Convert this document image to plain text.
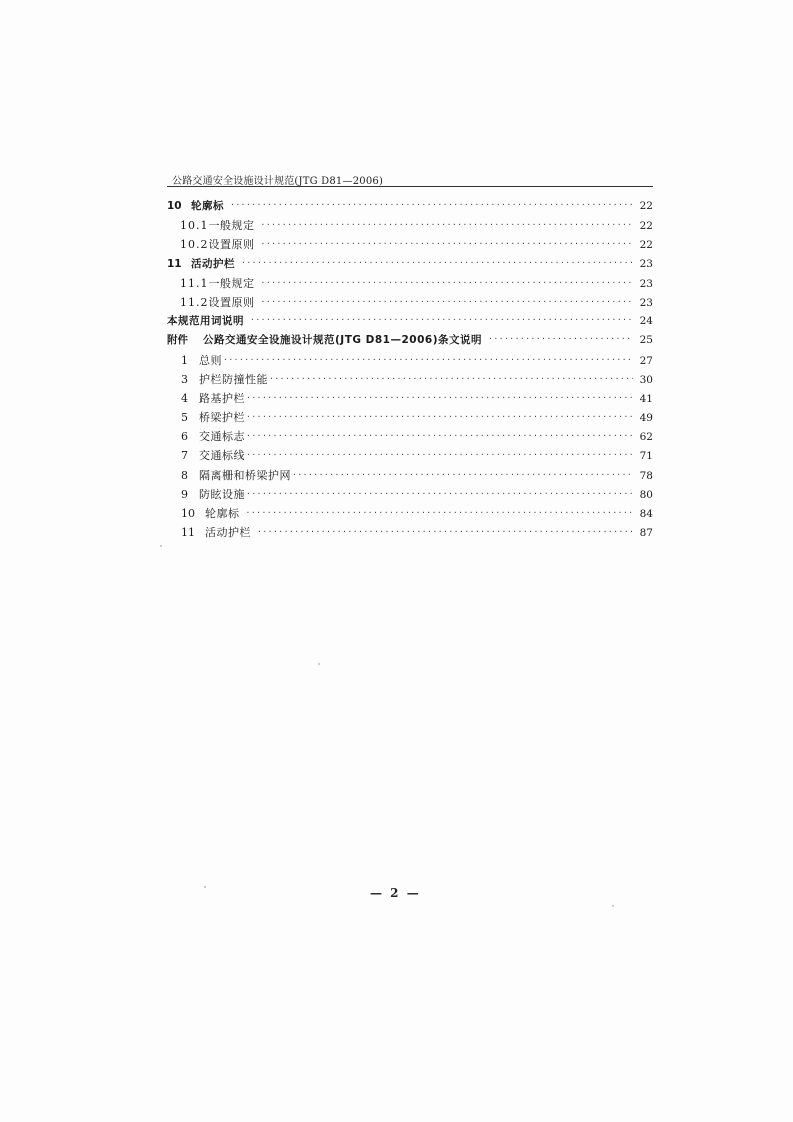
公路交通安全设施设计规范(JTG D81—2006)
10 轮廓标 ·····	22
10.1 一般规定 ·····	22
10.2 设置原则 ·····	22
11 活动护栏 ·····	23
11.1 一般规定 ·····	23
11.2 设置原则 ·····	23
本规范用词说明 ·····	24
附件	公路交通安全设施设计规范(JTG D81—2006)条文说明 ·····	25
1	总则 ·····	27
3	护栏防撞性能 ·····	30
4	路基护栏 ·····	41
5	桥梁护栏 ·····	49
6	交通标志 ·····	62
7	交通标线 ·····	71
8	隔离栅和桥梁护网 ·····	78
9	防眩设施 ·····	80
10 轮廓标 ·····	84
11 活动护栏 ·····	87
— 2 —
